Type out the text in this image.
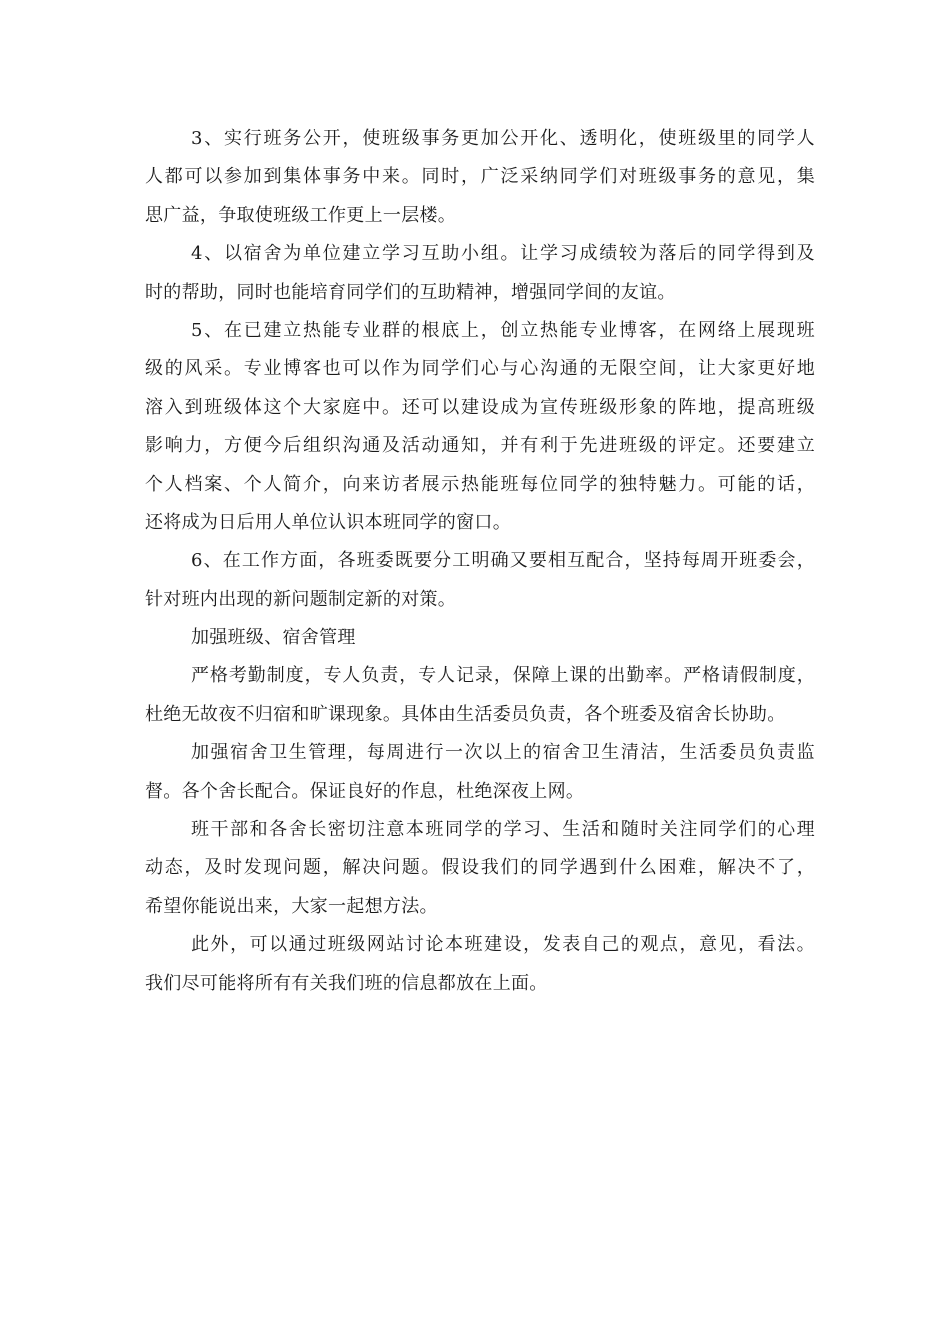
3、实行班务公开，使班级事务更加公开化、透明化，使班级里的同学人
人都可以参加到集体事务中来。同时，广泛采纳同学们对班级事务的意见，集
思广益，争取使班级工作更上一层楼。
4、以宿舍为单位建立学习互助小组。让学习成绩较为落后的同学得到及
时的帮助，同时也能培育同学们的互助精神，增强同学间的友谊。
5、在已建立热能专业群的根底上，创立热能专业博客，在网络上展现班
级的风采。专业博客也可以作为同学们心与心沟通的无限空间，让大家更好地
溶入到班级体这个大家庭中。还可以建设成为宣传班级形象的阵地，提高班级
影响力，方便今后组织沟通及活动通知，并有利于先进班级的评定。还要建立
个人档案、个人简介，向来访者展示热能班每位同学的独特魅力。可能的话，
还将成为日后用人单位认识本班同学的窗口。
6、在工作方面，各班委既要分工明确又要相互配合，坚持每周开班委会，
针对班内出现的新问题制定新的对策。
加强班级、宿舍管理
严格考勤制度，专人负责，专人记录，保障上课的出勤率。严格请假制度，
杜绝无故夜不归宿和旷课现象。具体由生活委员负责，各个班委及宿舍长协助。
加强宿舍卫生管理，每周进行一次以上的宿舍卫生清洁，生活委员负责监
督。各个舍长配合。保证良好的作息，杜绝深夜上网。
班干部和各舍长密切注意本班同学的学习、生活和随时关注同学们的心理
动态，及时发现问题，解决问题。假设我们的同学遇到什么困难，解决不了，
希望你能说出来，大家一起想方法。
此外，可以通过班级网站讨论本班建设，发表自己的观点，意见，看法。
我们尽可能将所有有关我们班的信息都放在上面。
